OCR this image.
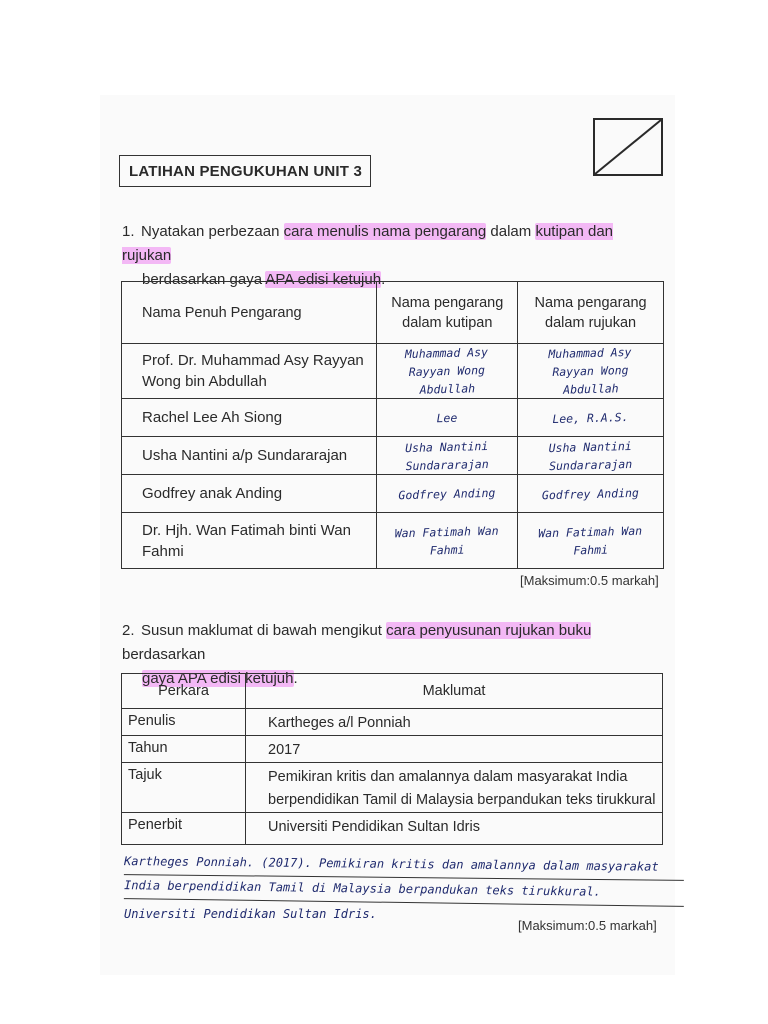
LATIHAN PENGUKUHAN UNIT 3
1. Nyatakan perbezaan cara menulis nama pengarang dalam kutipan dan rujukan
berdasarkan gaya APA edisi ketujuh.
Nama Penuh Pengarang	Nama pengarang dalam kutipan	Nama pengarang dalam rujukan
Prof. Dr. Muhammad Asy Rayyan Wong bin Abdullah	Muhammad Asy Rayyan Wong Abdullah	Muhammad Asy Rayyan Wong Abdullah

Rachel Lee Ah Siong	Lee	Lee, R.A.S.

Usha Nantini a/p Sundararajan	Usha Nantini Sundararajan	Usha Nantini Sundararajan

Godfrey anak Anding	Godfrey Anding	Godfrey Anding

Dr. Hjh. Wan Fatimah binti Wan Fahmi	Wan Fatimah Wan Fahmi	Wan Fatimah Wan Fahmi
[Maksimum:0.5 markah]
2. Susun maklumat di bawah mengikut cara penyusunan rujukan buku berdasarkan
gaya APA edisi ketujuh.
Perkara	Maklumat
Penulis	Kartheges a/l Ponniah
Tahun	2017
Tajuk	Pemikiran kritis dan amalannya dalam masyarakat India berpendidikan Tamil di Malaysia berpandukan teks tirukkural
Penerbit	Universiti Pendidikan Sultan Idris
Kartheges Ponniah. (2017). Pemikiran kritis dan amalannya dalam masyarakat
India berpendidikan Tamil di Malaysia berpandukan teks tirukkural.
Universiti Pendidikan Sultan Idris.
[Maksimum:0.5 markah]
